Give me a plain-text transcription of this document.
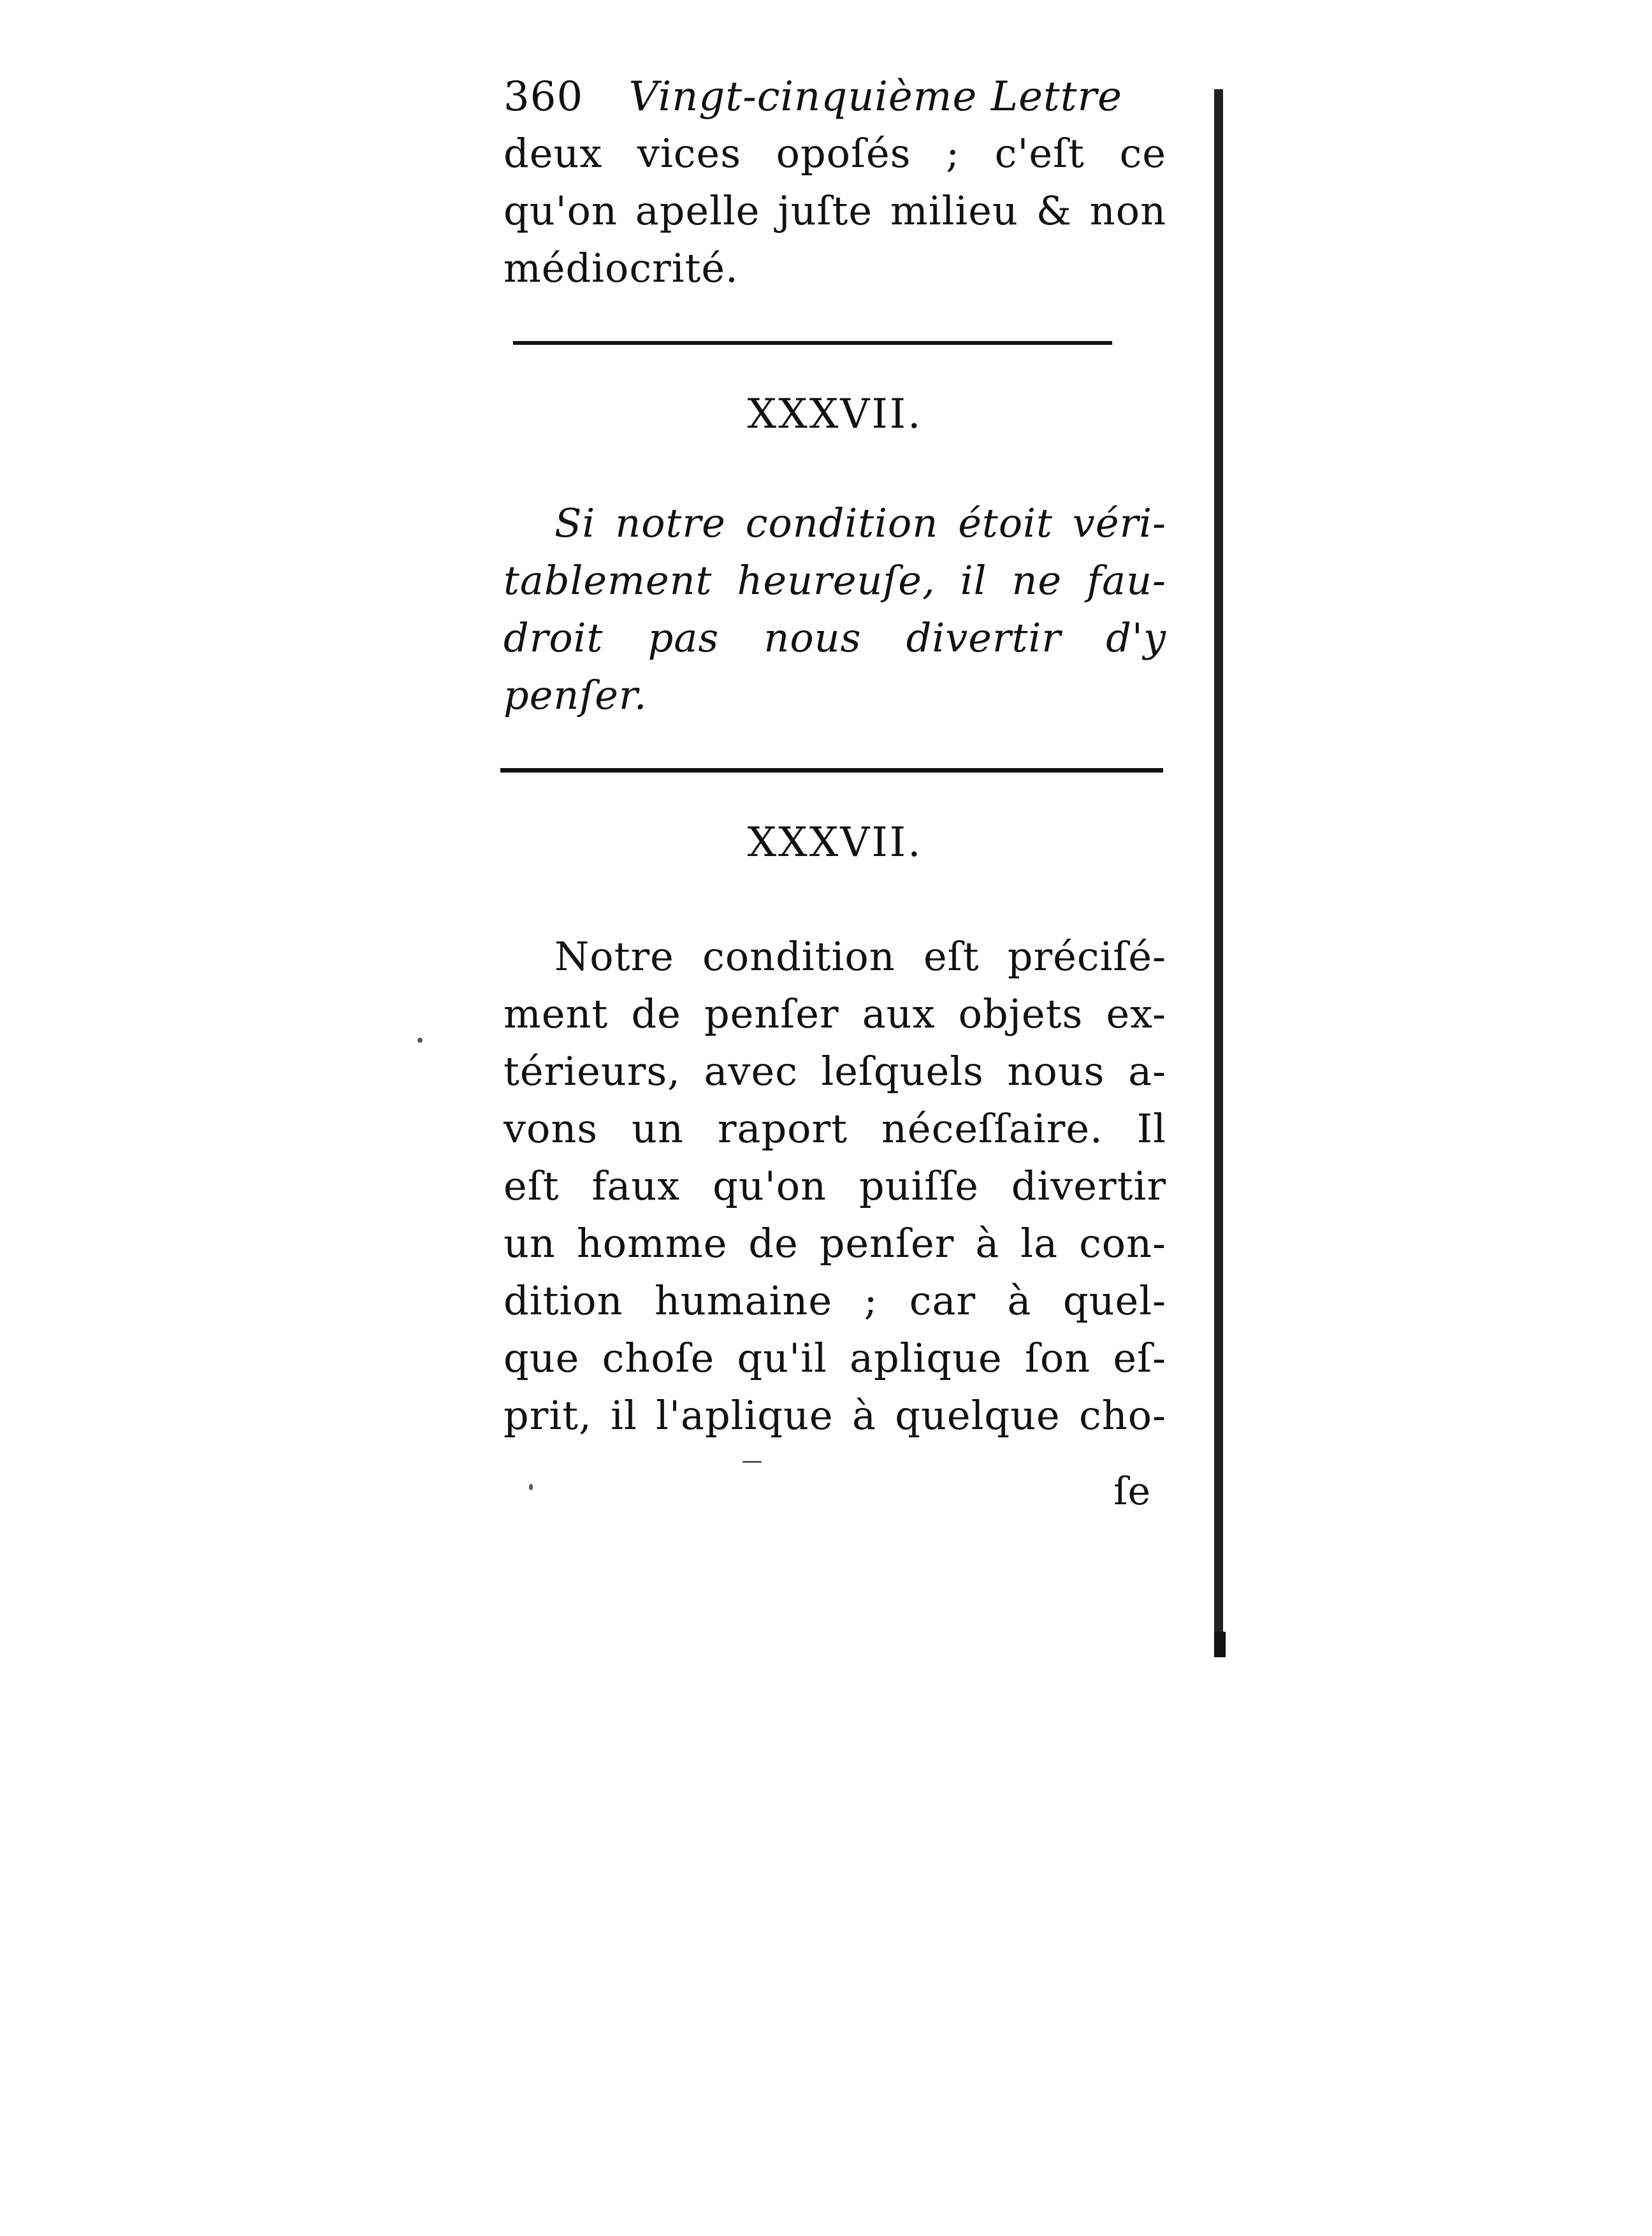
360 Vingt-cinquième Lettre
deux vices opoſés ; c'eſt ce
qu'on apelle juſte milieu & non
médiocrité.
XXXVII.
Si notre condition étoit véri-
tablement heureuſe, il ne fau-
droit pas nous divertir d'y
penſer.
XXXVII.
Notre condition eſt préciſé-
ment de penſer aux objets ex-
térieurs, avec leſquels nous a-
vons un raport néceſſaire. Il
eſt faux qu'on puiſſe divertir
un homme de penſer à la con-
dition humaine ; car à quel-
que choſe qu'il aplique ſon eſ-
prit, il l'aplique à quelque cho-
ſe
